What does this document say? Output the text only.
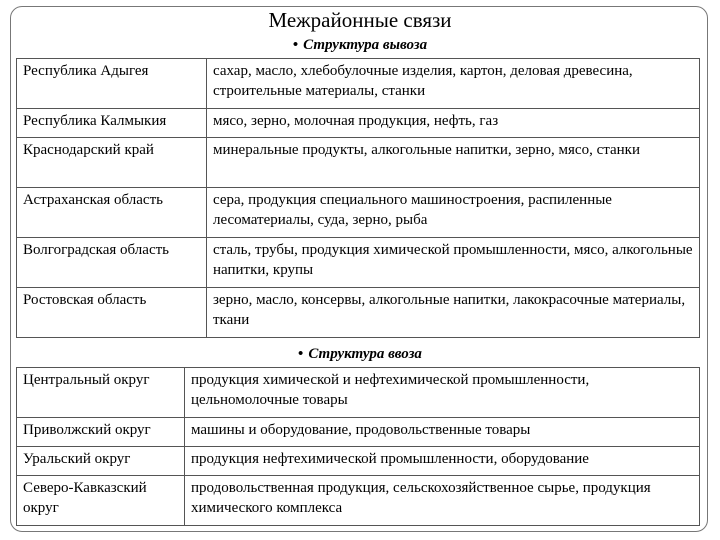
Межрайонные связи
• Структура вывоза
Республика Адыгея	сахар, масло, хлебобулочные изделия, картон, деловая древесина, строительные материалы, станки
Республика Калмыкия	мясо, зерно, молочная продукция, нефть, газ
Краснодарский край	минеральные продукты, алкогольные напитки, зерно, мясо, станки
Астраханская область	сера, продукция специального машиностроения, распиленные лесоматериалы, суда, зерно, рыба
Волгоградская область	сталь, трубы, продукция химической промышленности, мясо, алкогольные напитки, крупы
Ростовская область	зерно, масло, консервы, алкогольные напитки, лакокрасочные материалы, ткани
• Структура ввоза
Центральный округ	продукция химической и нефтехимической промышленности, цельномолочные товары
Приволжский округ	машины и оборудование, продовольственные товары
Уральский округ	продукция нефтехимической промышленности, оборудование
Северо-Кавказский округ	продовольственная продукция, сельскохозяйственное сырье, продукция химического комплекса
